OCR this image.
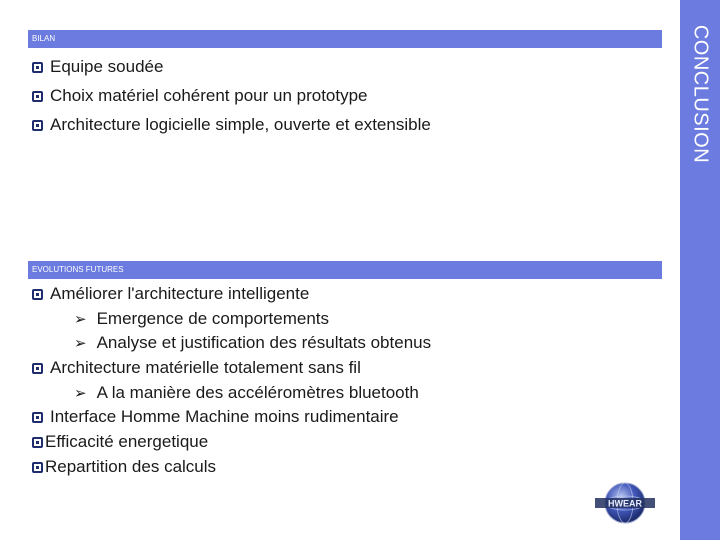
BILAN
Equipe soudée
Choix matériel cohérent pour un prototype
Architecture logicielle simple, ouverte et extensible
EVOLUTIONS FUTURES
Améliorer l'architecture intelligente
➢ Emergence de comportements
➢ Analyse et justification des résultats obtenus
Architecture matérielle totalement sans fil
➢ A la manière des accéléromètres bluetooth
Interface Homme Machine moins rudimentaire
Efficacité energetique
Repartition des calculs
CONCLUSION
HWEAR
